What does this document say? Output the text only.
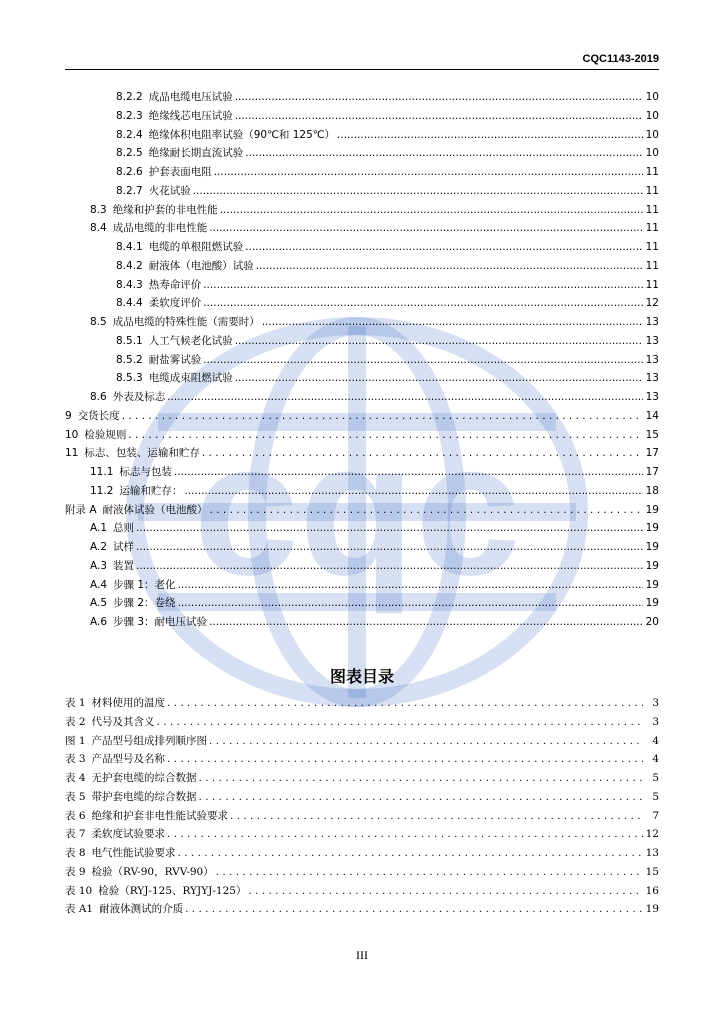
cqc
CQC1143-2019
8.2.2 成品电缆电压试验 .....	10
8.2.3 绝缘线芯电压试验 .....	10
8.2.4 绝缘体积电阻率试验（90℃和 125℃） .....	10
8.2.5 绝缘耐长期直流试验 .....	10
8.2.6 护套表面电阻 .....	11
8.2.7 火花试验 .....	11
8.3 绝缘和护套的非电性能 .....	11
8.4 成品电缆的非电性能 .....	11
8.4.1 电缆的单根阻燃试验 .....	11
8.4.2 耐液体（电池酸）试验 .....	11
8.4.3 热寿命评价 .....	11
8.4.4 柔软度评价 .....	12
8.5 成品电缆的特殊性能（需要时） .....	13
8.5.1 人工气候老化试验 .....	13
8.5.2 耐盐雾试验 .....	13
8.5.3 电缆成束阻燃试验 .....	13
8.6 外表及标志 .....	13
9 交货长度 . . .	14
10 检验规则 . . .	15
11 标志、包装、运输和贮存 . . .	17
11.1 标志与包装 .....	17
11.2 运输和贮存： .....	18
附录 A 耐液体试验（电池酸） . . .	19
A.1 总则 .....	19
A.2 试样 .....	19
A.3 装置 .....	19
A.4 步骤 1：老化 .....	19
A.5 步骤 2：卷绕 .....	19
A.6 步骤 3：耐电压试验 .....	20
图表目录
表 1 材料使用的温度 . . .	3
表 2 代号及其含义 . . .	3
图 1 产品型号组成排列顺序图 . . .	4
表 3 产品型号及名称 . . .	4
表 4 无护套电缆的综合数据 . . .	5
表 5 带护套电缆的综合数据 . . .	5
表 6 绝缘和护套非电性能试验要求 . . .	7
表 7 柔软度试验要求 . . .	12
表 8 电气性能试验要求 . . .	13
表 9 检验（RV-90，RVV-90） . . .	15
表 10 检验（RYJ-125、RYJYJ-125） . . .	16
表 A1 耐液体测试的介质 . . .	19
III
